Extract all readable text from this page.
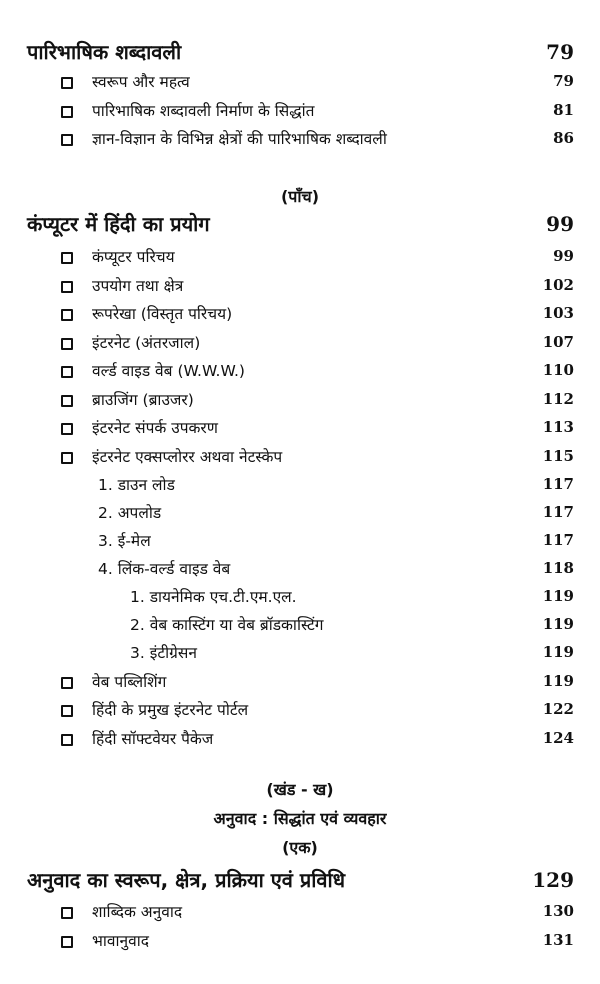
पारिभाषिक शब्दावली	79
स्वरूप और महत्व	79
पारिभाषिक शब्दावली निर्माण के सिद्धांत	81
ज्ञान-विज्ञान के विभिन्न क्षेत्रों की पारिभाषिक शब्दावली	86
(पाँच)
कंप्यूटर में हिंदी का प्रयोग	99
कंप्यूटर परिचय	99
उपयोग तथा क्षेत्र	102
रूपरेखा (विस्तृत परिचय)	103
इंटरनेट (अंतरजाल)	107
वर्ल्ड वाइड वेब (W.W.W.)	110
ब्राउजिंग (ब्राउजर)	112
इंटरनेट संपर्क उपकरण	113
इंटरनेट एक्सप्लोरर अथवा नेटस्केप	115
1. डाउन लोड	117
2. अपलोड	117
3. ई-मेल	117
4. लिंक-वर्ल्ड वाइड वेब	118
1. डायनेमिक एच.टी.एम.एल.	119
2. वेब कास्टिंग या वेब ब्रॉडकास्टिंग	119
3. इंटीग्रेसन	119
वेब पब्लिशिंग	119
हिंदी के प्रमुख इंटरनेट पोर्टल	122
हिंदी सॉफ्टवेयर पैकेज	124
(खंड - ख)
अनुवाद : सिद्धांत एवं व्यवहार
(एक)
अनुवाद का स्वरूप, क्षेत्र, प्रक्रिया एवं प्रविधि	129
शाब्दिक अनुवाद	130
भावानुवाद	131
